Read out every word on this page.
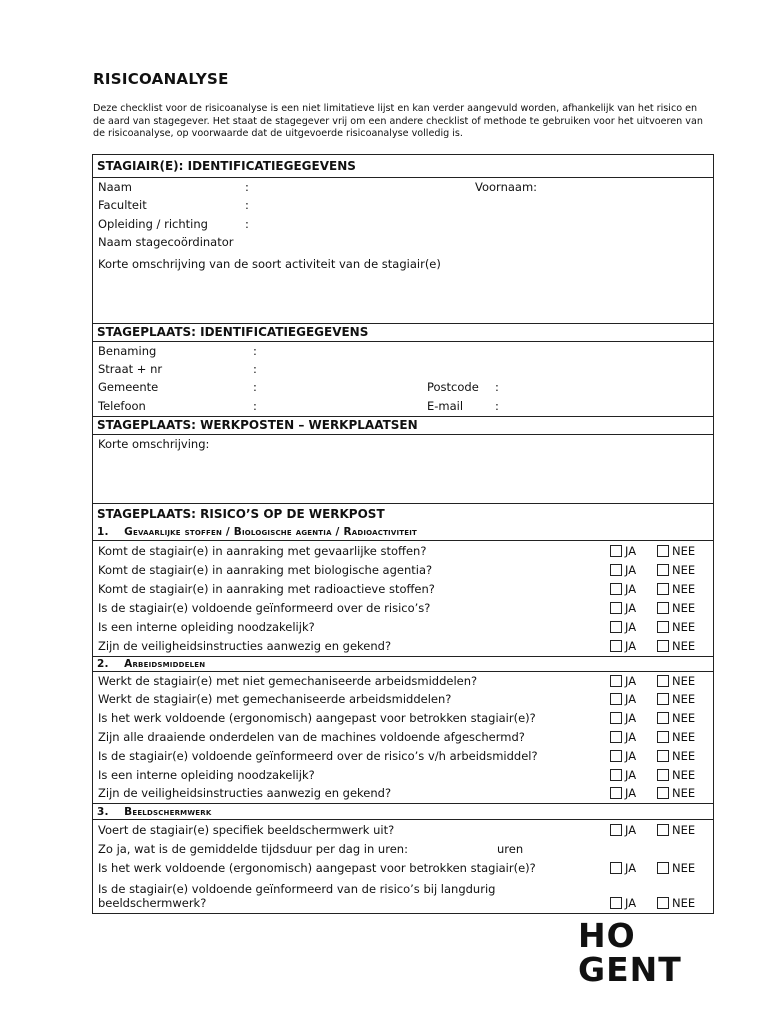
RISICOANALYSE
Deze checklist voor de risicoanalyse is een niet limitatieve lijst en kan verder aangevuld worden, afhankelijk van het risico en de aard van stagegever. Het staat de stagegever vrij om een andere checklist of methode te gebruiken voor het uitvoeren van de risicoanalyse, op voorwaarde dat de uitgevoerde risicoanalyse volledig is.
STAGIAIR(E): IDENTIFICATIEGEGEVENS
Naam	:	Voornaam:
Faculteit	:
Opleiding / richting	:
Naam stagecoördinator
Korte omschrijving van de soort activiteit van de stagiair(e)
STAGEPLAATS: IDENTIFICATIEGEGEVENS
Benaming	:
Straat + nr	:
Gemeente	:	Postcode :
Telefoon	:	E-mail	:
STAGEPLAATS: WERKPOSTEN – WERKPLAATSEN
Korte omschrijving:
STAGEPLAATS: RISICO’S OP DE WERKPOST
1. Gevaarlijke stoffen / Biologische agentia / Radioactiviteit
Komt de stagiair(e) in aanraking met gevaarlijke stoffen?	JA	NEE
Komt de stagiair(e) in aanraking met biologische agentia?	JA	NEE
Komt de stagiair(e) in aanraking met radioactieve stoffen?	JA	NEE
Is de stagiair(e) voldoende geïnformeerd over de risico’s?	JA	NEE
Is een interne opleiding noodzakelijk?	JA	NEE
Zijn de veiligheidsinstructies aanwezig en gekend?	JA	NEE
2. Arbeidsmiddelen
Werkt de stagiair(e) met niet gemechaniseerde arbeidsmiddelen?	JA	NEE
Werkt de stagiair(e) met gemechaniseerde arbeidsmiddelen?	JA	NEE
Is het werk voldoende (ergonomisch) aangepast voor betrokken stagiair(e)?	JA	NEE
Zijn alle draaiende onderdelen van de machines voldoende afgeschermd?	JA	NEE
Is de stagiair(e) voldoende geïnformeerd over de risico’s v/h arbeidsmiddel?	JA	NEE
Is een interne opleiding noodzakelijk?	JA	NEE
Zijn de veiligheidsinstructies aanwezig en gekend?	JA	NEE
3. Beeldschermwerk
Voert de stagiair(e) specifiek beeldschermwerk uit?	JA	NEE
Zo ja, wat is de gemiddelde tijdsduur per dag in uren:	uren
Is het werk voldoende (ergonomisch) aangepast voor betrokken stagiair(e)?	JA	NEE
Is de stagiair(e) voldoende geïnformeerd van de risico’s bij langdurig
beeldschermwerk?	JA	NEE
HO
GENT
